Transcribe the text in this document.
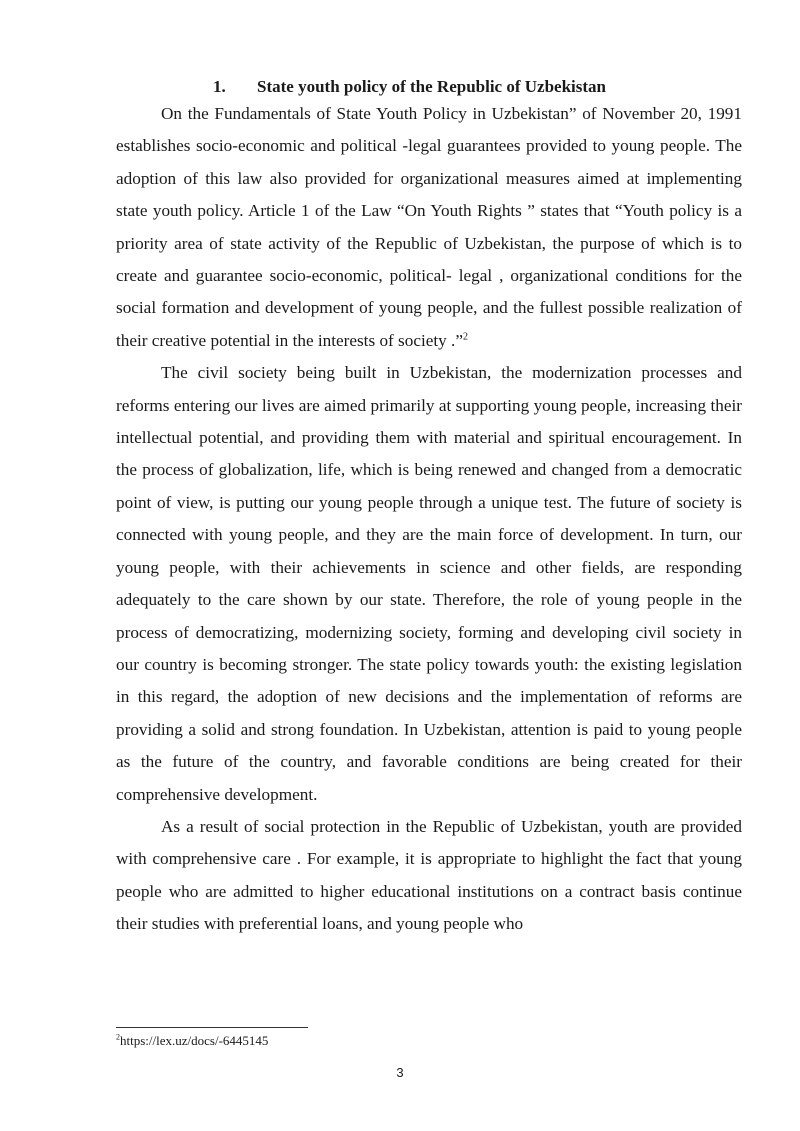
1. State youth policy of the Republic of Uzbekistan

On the Fundamentals of State Youth Policy in Uzbekistan” of November 20, 1991 establishes socio-economic and political -legal guarantees provided to young people. The adoption of this law also provided for organizational measures aimed at implementing state youth policy. Article 1 of the Law “On Youth Rights ” states that “Youth policy is a priority area of state activity of the Republic of Uzbekistan, the purpose of which is to create and guarantee socio-economic, political- legal , organizational conditions for the social formation and development of young people, and the fullest possible realization of their creative potential in the interests of society .”$^2$

The civil society being built in Uzbekistan, the modernization processes and reforms entering our lives are aimed primarily at supporting young people, increasing their intellectual potential, and providing them with material and spiritual encouragement. In the process of globalization, life, which is being renewed and changed from a democratic point of view, is putting our young people through a unique test. The future of society is connected with young people, and they are the main force of development. In turn, our young people, with their achievements in science and other fields, are responding adequately to the care shown by our state. Therefore, the role of young people in the process of democratizing, modernizing society, forming and developing civil society in our country is becoming stronger. The state policy towards youth: the existing legislation in this regard, the adoption of new decisions and the implementation of reforms are providing a solid and strong foundation. In Uzbekistan, attention is paid to young people as the future of the country, and favorable conditions are being created for their comprehensive development.

As a result of social protection in the Republic of Uzbekistan, youth are provided with comprehensive care . For example, it is appropriate to highlight the fact that young people who are admitted to higher educational institutions on a contract basis continue their studies with preferential loans, and young people who

$^2$https://lex.uz/docs/-6445145
3
